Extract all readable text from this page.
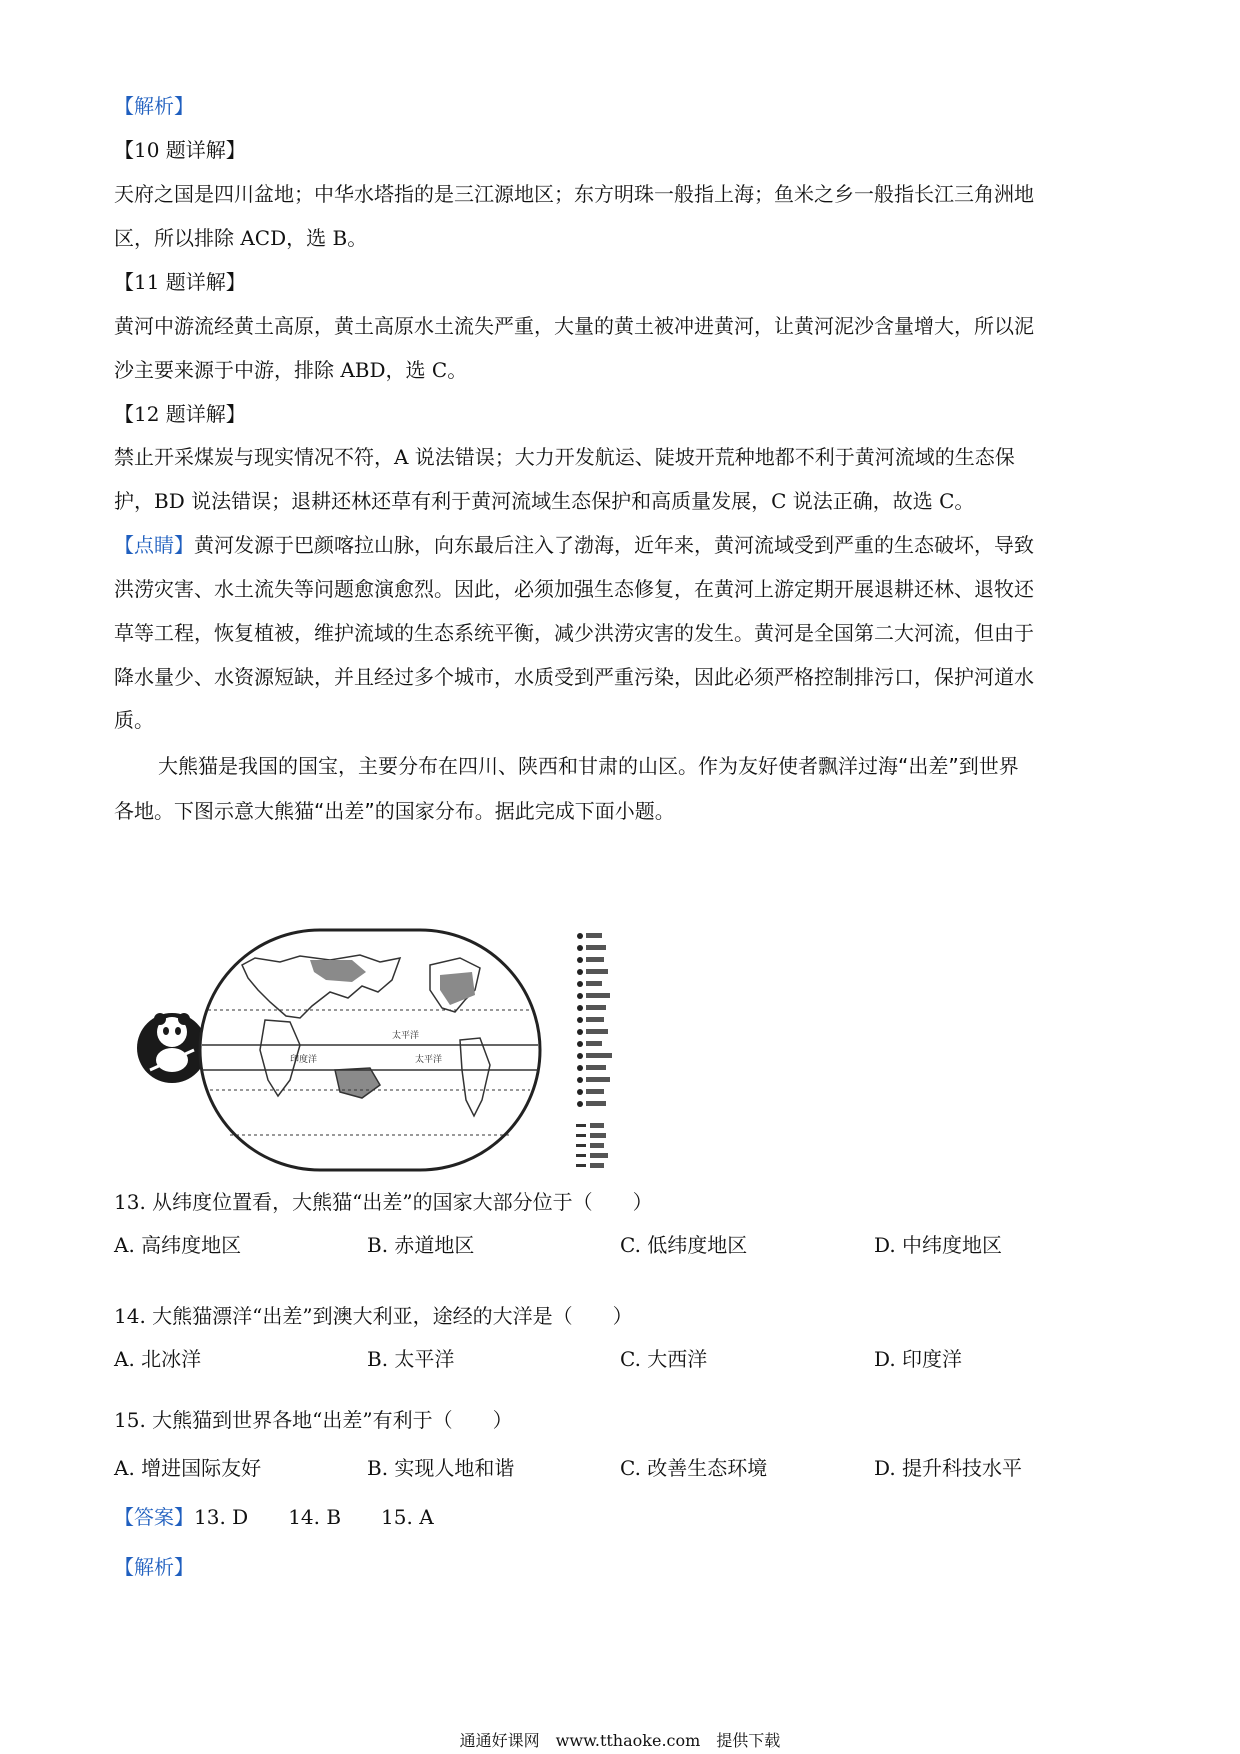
【解析】
【10 题详解】
天府之国是四川盆地；中华水塔指的是三江源地区；东方明珠一般指上海；鱼米之乡一般指长江三角洲地
区，所以排除 ACD，选 B。
【11 题详解】
黄河中游流经黄土高原，黄土高原水土流失严重，大量的黄土被冲进黄河，让黄河泥沙含量增大，所以泥
沙主要来源于中游，排除 ABD，选 C。
【12 题详解】
禁止开采煤炭与现实情况不符，A 说法错误；大力开发航运、陡坡开荒种地都不利于黄河流域的生态保
护，BD 说法错误；退耕还林还草有利于黄河流域生态保护和高质量发展，C 说法正确，故选 C。
【点睛】黄河发源于巴颜喀拉山脉，向东最后注入了渤海，近年来，黄河流域受到严重的生态破坏，导致
洪涝灾害、水土流失等问题愈演愈烈。因此，必须加强生态修复，在黄河上游定期开展退耕还林、退牧还
草等工程，恢复植被，维护流域的生态系统平衡，减少洪涝灾害的发生。黄河是全国第二大河流，但由于
降水量少、水资源短缺，并且经过多个城市，水质受到严重污染，因此必须严格控制排污口，保护河道水
质。
大熊猫是我国的国宝，主要分布在四川、陕西和甘肃的山区。作为友好使者飘洋过海“出差”到世界
各地。下图示意大熊猫“出差”的国家分布。据此完成下面小题。
太平洋
印度洋	太平洋
13. 从纬度位置看，大熊猫“出差”的国家大部分位于（　　）
A. 高纬度地区	B. 赤道地区	C. 低纬度地区	D. 中纬度地区
14. 大熊猫漂洋“出差”到澳大利亚，途经的大洋是（　　）
A. 北冰洋	B. 太平洋	C. 大西洋	D. 印度洋
15. 大熊猫到世界各地“出差”有利于（　　）
A. 增进国际友好	B. 实现人地和谐	C. 改善生态环境	D. 提升科技水平
【答案】13. D　　14. B　　15. A
【解析】
通通好课网　www.tthaoke.com　提供下载
